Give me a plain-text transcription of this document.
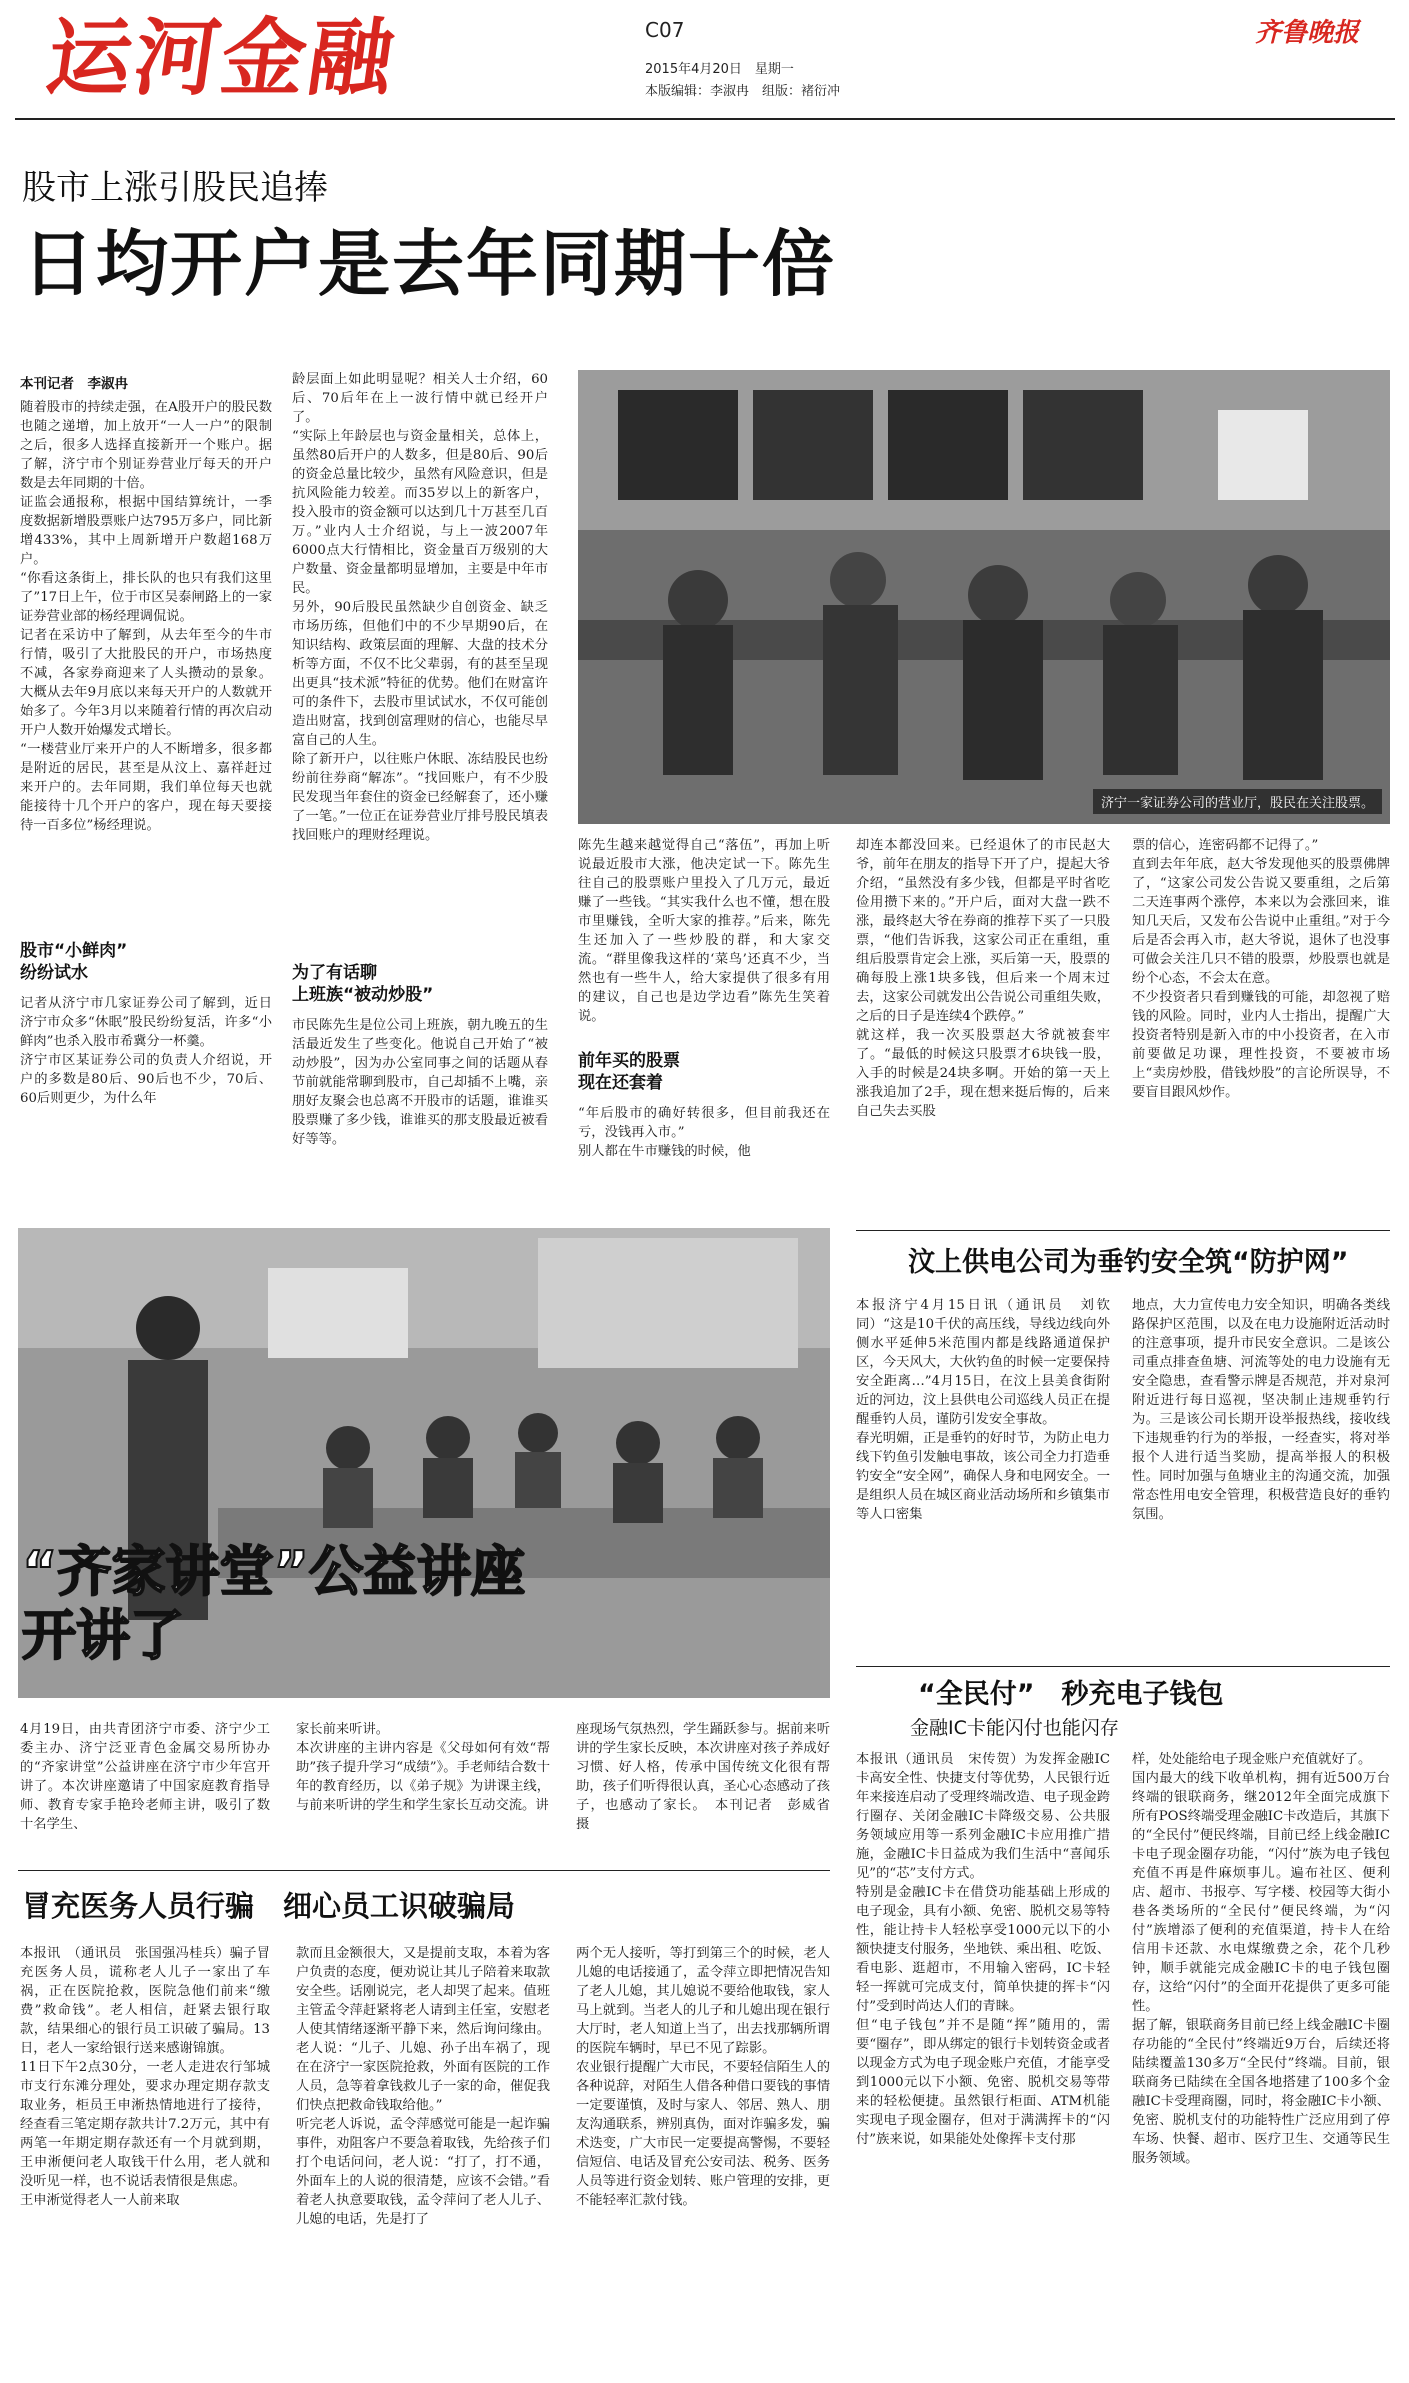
运河金融	C07
2015年4月20日　星期一
本版编辑：李淑冉　组版：褚衍冲
齐鲁晚报
股市上涨引股民追捧
日均开户是去年同期十倍
本刊记者　李淑冉
随着股市的持续走强，在A股开户的股民数也随之递增，加上放开“一人一户”的限制之后，很多人选择直接新开一个账户。据了解，济宁市个别证券营业厅每天的开户数是去年同期的十倍。
证监会通报称，根据中国结算统计，一季度数据新增股票账户达795万多户，同比新增433%，其中上周新增开户数超168万户。
“你看这条街上，排长队的也只有我们这里了”17日上午，位于市区吴泰闸路上的一家证券营业部的杨经理调侃说。
记者在采访中了解到，从去年至今的牛市行情，吸引了大批股民的开户，市场热度不减，各家券商迎来了人头攒动的景象。大概从去年9月底以来每天开户的人数就开始多了。今年3月以来随着行情的再次启动开户人数开始爆发式增长。
“一楼营业厅来开户的人不断增多，很多都是附近的居民，甚至是从汶上、嘉祥赶过来开户的。去年同期，我们单位每天也就能接待十几个开户的客户，现在每天要接待一百多位”杨经理说。
股市“小鲜肉”
纷纷试水
记者从济宁市几家证券公司了解到，近日济宁市众多“休眠”股民纷纷复活，许多“小鲜肉”也杀入股市希冀分一杯羹。
济宁市区某证券公司的负责人介绍说，开户的多数是80后、90后也不少，70后、60后则更少，为什么年
龄层面上如此明显呢？相关人士介绍，60后、70后年在上一波行情中就已经开户了。
“实际上年龄层也与资金量相关，总体上，虽然80后开户的人数多，但是80后、90后的资金总量比较少，虽然有风险意识，但是抗风险能力较差。而35岁以上的新客户，投入股市的资金额可以达到几十万甚至几百万。”业内人士介绍说，与上一波2007年6000点大行情相比，资金量百万级别的大户数量、资金量都明显增加，主要是中年市民。
另外，90后股民虽然缺少自创资金、缺乏市场历练，但他们中的不少早期90后，在知识结构、政策层面的理解、大盘的技术分析等方面，不仅不比父辈弱，有的甚至呈现出更具“技术派”特征的优势。他们在财富许可的条件下，去股市里试试水，不仅可能创造出财富，找到创富理财的信心，也能尽早富自己的人生。
除了新开户，以往账户休眠、冻结股民也纷纷前往券商“解冻”。“找回账户，有不少股民发现当年套住的资金已经解套了，还小赚了一笔。”一位正在证券营业厅排号股民填表找回账户的理财经理说。
为了有话聊
上班族“被动炒股”
市民陈先生是位公司上班族，朝九晚五的生活最近发生了些变化。他说自己开始了“被动炒股”，因为办公室同事之间的话题从春节前就能常聊到股市，自己却插不上嘴，亲朋好友聚会也总离不开股市的话题，谁谁买股票赚了多少钱，谁谁买的那支股最近被看好等等。
济宁一家证券公司的营业厅，股民在关注股票。
陈先生越来越觉得自己“落伍”，再加上听说最近股市大涨，他决定试一下。陈先生往自己的股票账户里投入了几万元，最近赚了一些钱。“其实我什么也不懂，想在股市里赚钱，全听大家的推荐。”后来，陈先生还加入了一些炒股的群，和大家交流。“群里像我这样的‘菜鸟’还真不少，当然也有一些牛人，给大家提供了很多有用的建议，自己也是边学边看”陈先生笑着说。
前年买的股票
现在还套着
“年后股市的确好转很多，但目前我还在亏，没钱再入市。”
别人都在牛市赚钱的时候，他
却连本都没回来。已经退休了的市民赵大爷，前年在朋友的指导下开了户，提起大爷介绍，“虽然没有多少钱，但都是平时省吃俭用攒下来的。”开户后，面对大盘一跌不涨，最终赵大爷在券商的推荐下买了一只股票，“他们告诉我，这家公司正在重组，重组后股票肯定会上涨，买后第一天，股票的确每股上涨1块多钱，但后来一个周末过去，这家公司就发出公告说公司重组失败，之后的日子是连续4个跌停。”
就这样，我一次买股票赵大爷就被套牢了。“最低的时候这只股票才6块钱一股，入手的时候是24块多啊。开始的第一天上涨我追加了2手，现在想来挺后悔的，后来自己失去买股
票的信心，连密码都不记得了。”
直到去年年底，赵大爷发现他买的股票佛牌了，“这家公司发公告说又要重组，之后第二天连事两个涨停，本来以为会涨回来，谁知几天后，又发布公告说中止重组。”对于今后是否会再入市，赵大爷说，退休了也没事可做会关注几只不错的股票，炒股票也就是纷个心态，不会太在意。
不少投资者只看到赚钱的可能，却忽视了赔钱的风险。同时，业内人士指出，提醒广大投资者特别是新入市的中小投资者，在入市前要做足功课，理性投资，不要被市场上“卖房炒股，借钱炒股”的言论所误导，不要盲目跟风炒作。
“齐家讲堂”公益讲座
开讲了
4月19日，由共青团济宁市委、济宁少工委主办、济宁泛亚青色金属交易所协办的“齐家讲堂”公益讲座在济宁市少年宫开讲了。本次讲座邀请了中国家庭教育指导师、教育专家手艳玲老师主讲，吸引了数十名学生、
家长前来听讲。
本次讲座的主讲内容是《父母如何有效“帮助”孩子提升学习“成绩”》。手老师结合数十年的教育经历，以《弟子规》为讲课主线，与前来听讲的学生和学生家长互动交流。讲
座现场气氛热烈，学生踊跃参与。据前来听讲的学生家长反映，本次讲座对孩子养成好习惯、好人格，传承中国传统文化很有帮助，孩子们听得很认真，圣心心态感动了孩子，也感动了家长。　本刊记者　彭威省　摄
汶上供电公司为垂钓安全筑“防护网”
本报济宁4月15日讯（通讯员　刘钦同）“这是10千伏的高压线，导线边线向外侧水平延伸5米范围内都是线路通道保护区，今天风大，大伙钓鱼的时候一定要保持安全距离…”4月15日，在汶上县美食街附近的河边，汶上县供电公司巡线人员正在提醒垂钓人员，谨防引发安全事故。
春光明媚，正是垂钓的好时节，为防止电力线下钓鱼引发触电事故，该公司全力打造垂钓安全“安全网”，确保人身和电网安全。一是组织人员在城区商业活动场所和乡镇集市等人口密集
地点，大力宣传电力安全知识，明确各类线路保护区范围，以及在电力设施附近活动时的注意事项，提升市民安全意识。二是该公司重点排查鱼塘、河流等处的电力设施有无安全隐患，查看警示牌是否规范，并对泉河附近进行每日巡视，坚决制止违规垂钓行为。三是该公司长期开设举报热线，接收线下违规垂钓行为的举报，一经查实，将对举报个人进行适当奖励，提高举报人的积极性。同时加强与鱼塘业主的沟通交流，加强常态性用电安全管理，积极营造良好的垂钓氛围。
“全民付”　秒充电子钱包
金融IC卡能闪付也能闪存
本报讯（通讯员　宋传贺）为发挥金融IC卡高安全性、快捷支付等优势，人民银行近年来接连启动了受理终端改造、电子现金跨行圈存、关闭金融IC卡降级交易、公共服务领域应用等一系列金融IC卡应用推广措施，金融IC卡日益成为我们生活中“喜闻乐见”的“芯”支付方式。
特别是金融IC卡在借贷功能基础上形成的电子现金，具有小额、免密、脱机交易等特性，能让持卡人轻松享受1000元以下的小额快捷支付服务，坐地铁、乘出租、吃饭、看电影、逛超市，不用输入密码，IC卡轻轻一挥就可完成支付，简单快捷的挥卡“闪付”受到时尚达人们的青睐。
但“电子钱包”并不是随“挥”随用的，需要“圈存”，即从绑定的银行卡划转资金或者以现金方式为电子现金账户充值，才能享受到1000元以下小额、免密、脱机交易等带来的轻松便捷。虽然银行柜面、ATM机能实现电子现金圈存，但对于满满挥卡的“闪付”族来说，如果能处处像挥卡支付那
样，处处能给电子现金账户充值就好了。
国内最大的线下收单机构，拥有近500万台终端的银联商务，继2012年全面完成旗下所有POS终端受理金融IC卡改造后，其旗下的“全民付”便民终端，目前已经上线金融IC卡电子现金圈存功能，“闪付”族为电子钱包充值不再是件麻烦事儿。遍布社区、便利店、超市、书报亭、写字楼、校园等大街小巷各类场所的“全民付”便民终端，为“闪付”族增添了便利的充值渠道，持卡人在给信用卡还款、水电煤缴费之余，花个几秒钟，顺手就能完成金融IC卡的电子钱包圈存，这给“闪付”的全面开花提供了更多可能性。
据了解，银联商务目前已经上线金融IC卡圈存功能的“全民付”终端近9万台，后续还将陆续覆盖130多万“全民付”终端。目前，银联商务已陆续在全国各地搭建了100多个金融IC卡受理商圈，同时，将金融IC卡小额、免密、脱机支付的功能特性广泛应用到了停车场、快餐、超市、医疗卫生、交通等民生服务领域。
冒充医务人员行骗　细心员工识破骗局
本报讯　（通讯员　张国强冯桂兵）骗子冒充医务人员，谎称老人儿子一家出了车祸，正在医院抢救，医院急他们前来“缴费”救命钱”。老人相信，赶紧去银行取款，结果细心的银行员工识破了骗局。13日，老人一家给银行送来感谢锦旗。
11日下午2点30分，一老人走进农行邹城市支行东滩分理处，要求办理定期存款支取业务，柜员王申淅热情地进行了接待，经查看三笔定期存款共计7.2万元，其中有两笔一年期定期存款还有一个月就到期，王申淅便问老人取钱干什么用，老人就和没听见一样，也不说话表情很是焦虑。
王申淅觉得老人一人前来取
款而且金额很大，又是提前支取，本着为客户负责的态度，便劝说让其儿子陪着来取款安全些。话刚说完，老人却哭了起来。值班主管孟令萍赶紧将老人请到主任室，安慰老人使其情绪逐渐平静下来，然后询问缘由。老人说：“儿子、儿媳、孙子出车祸了，现在在济宁一家医院抢救，外面有医院的工作人员，急等着拿钱救儿子一家的命，催促我们快点把救命钱取给他。”
听完老人诉说，孟令萍感觉可能是一起诈骗事件，劝阻客户不要急着取钱，先给孩子们打个电话问问，老人说：“打了，打不通，外面车上的人说的很清楚，应该不会错。”看着老人执意要取钱，孟令萍问了老人儿子、儿媳的电话，先是打了
两个无人接听，等打到第三个的时候，老人儿媳的电话接通了，孟令萍立即把情况告知了老人儿媳，其儿媳说不要给他取钱，家人马上就到。当老人的儿子和儿媳出现在银行大厅时，老人知道上当了，出去找那辆所谓的医院车辆时，早已不见了踪影。
农业银行提醒广大市民，不要轻信陌生人的各种说辞，对陌生人借各种借口要钱的事情一定要谨慎，及时与家人、邻居、熟人、朋友沟通联系，辨别真伪，面对诈骗多发，骗术迭变，广大市民一定要提高警惕，不要轻信短信、电话及冒充公安司法、税务、医务人员等进行资金划转、账户管理的安排，更不能轻率汇款付钱。
